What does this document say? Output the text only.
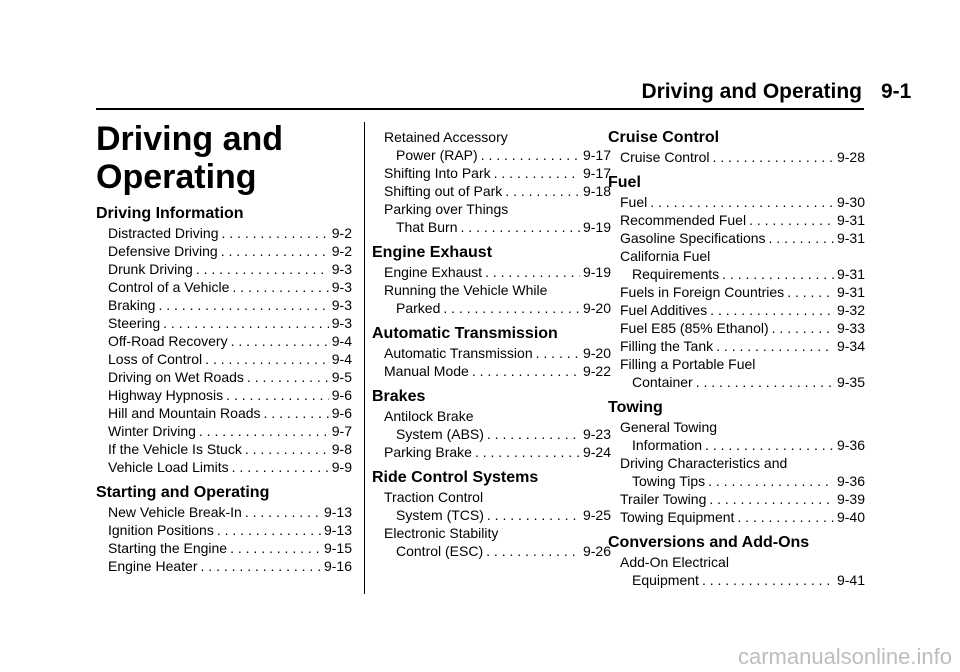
Driving and Operating 9-1
Driving and Operating
Driving Information
Distracted Driving . . .	9-2
Defensive Driving . . .	9-2
Drunk Driving . . .	9-3
Control of a Vehicle . . .	9-3
Braking . . .	9-3
Steering . . .	9-3
Off-Road Recovery . . .	9-4
Loss of Control . . .	9-4
Driving on Wet Roads . . .	9-5
Highway Hypnosis . . .	9-6
Hill and Mountain Roads . . .	9-6
Winter Driving . . .	9-7
If the Vehicle Is Stuck . . .	9-8
Vehicle Load Limits . . .	9-9
Starting and Operating
New Vehicle Break-In . . .	9-13
Ignition Positions . . .	9-13
Starting the Engine . . .	9-15
Engine Heater . . .	9-16
Retained Accessory
Power (RAP) . . .	9-17
Shifting Into Park . . .	9-17
Shifting out of Park . . .	9-18
Parking over Things
That Burn . . .	9-19
Engine Exhaust
Engine Exhaust . . .	9-19
Running the Vehicle While
Parked . . .	9-20
Automatic Transmission
Automatic Transmission . . .	9-20
Manual Mode . . .	9-22
Brakes
Antilock Brake
System (ABS) . . .	9-23
Parking Brake . . .	9-24
Ride Control Systems
Traction Control
System (TCS) . . .	9-25
Electronic Stability
Control (ESC) . . .	9-26
Cruise Control
Cruise Control . . .	9-28
Fuel
Fuel . . .	9-30
Recommended Fuel . . .	9-31
Gasoline Specifications . . .	9-31
California Fuel
Requirements . . .	9-31
Fuels in Foreign Countries . . .	9-31
Fuel Additives . . .	9-32
Fuel E85 (85% Ethanol) . . .	9-33
Filling the Tank . . .	9-34
Filling a Portable Fuel
Container . . .	9-35
Towing
General Towing
Information . . .	9-36
Driving Characteristics and
Towing Tips . . .	9-36
Trailer Towing . . .	9-39
Towing Equipment . . .	9-40
Conversions and Add-Ons
Add-On Electrical
Equipment . . .	9-41
carmanualsonline.info
